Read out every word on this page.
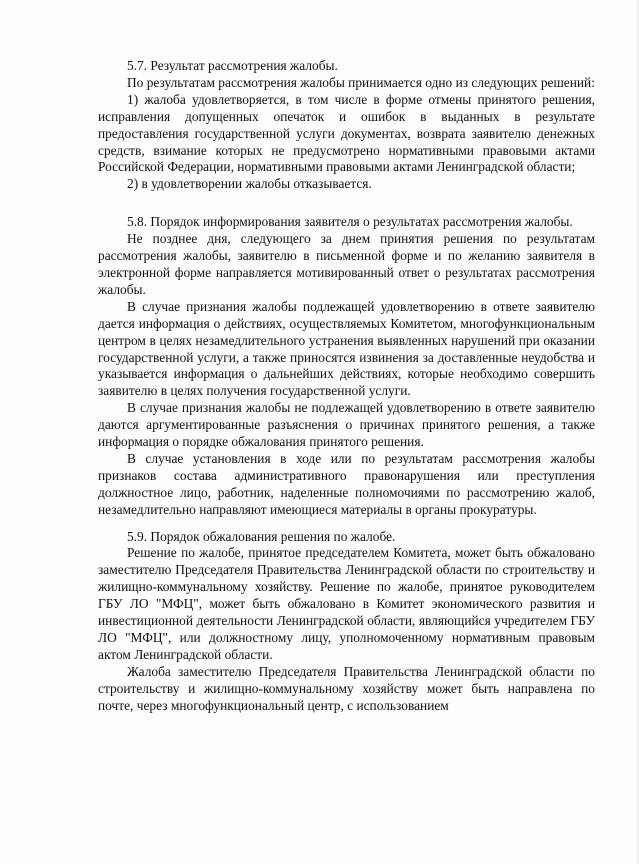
5.7. Результат рассмотрения жалобы.

По результатам рассмотрения жалобы принимается одно из следующих решений:

1) жалоба удовлетворяется, в том числе в форме отмены принятого решения, исправления допущенных опечаток и ошибок в выданных в результате предоставления государственной услуги документах, возврата заявителю денежных средств, взимание которых не предусмотрено нормативными правовыми актами Российской Федерации, нормативными правовыми актами Ленинградской области;

2) в удовлетворении жалобы отказывается.

5.8. Порядок информирования заявителя о результатах рассмотрения жалобы.

Не позднее дня, следующего за днем принятия решения по результатам рассмотрения жалобы, заявителю в письменной форме и по желанию заявителя в электронной форме направляется мотивированный ответ о результатах рассмотрения жалобы.

В случае признания жалобы подлежащей удовлетворению в ответе заявителю дается информация о действиях, осуществляемых Комитетом, многофункциональным центром в целях незамедлительного устранения выявленных нарушений при оказании государственной услуги, а также приносятся извинения за доставленные неудобства и указывается информация о дальнейших действиях, которые необходимо совершить заявителю в целях получения государственной услуги.

В случае признания жалобы не подлежащей удовлетворению в ответе заявителю даются аргументированные разъяснения о причинах принятого решения, а также информация о порядке обжалования принятого решения.

В случае установления в ходе или по результатам рассмотрения жалобы признаков состава административного правонарушения или преступления должностное лицо, работник, наделенные полномочиями по рассмотрению жалоб, незамедлительно направляют имеющиеся материалы в органы прокуратуры.

5.9. Порядок обжалования решения по жалобе.

Решение по жалобе, принятое председателем Комитета, может быть обжаловано заместителю Председателя Правительства Ленинградской области по строительству и жилищно-коммунальному хозяйству. Решение по жалобе, принятое руководителем ГБУ ЛО "МФЦ", может быть обжаловано в Комитет экономического развития и инвестиционной деятельности Ленинградской области, являющийся учредителем ГБУ ЛО "МФЦ", или должностному лицу, уполномоченному нормативным правовым актом Ленинградской области.

Жалоба заместителю Председателя Правительства Ленинградской области по строительству и жилищно-коммунальному хозяйству может быть направлена по почте, через многофункциональный центр, с использованием
